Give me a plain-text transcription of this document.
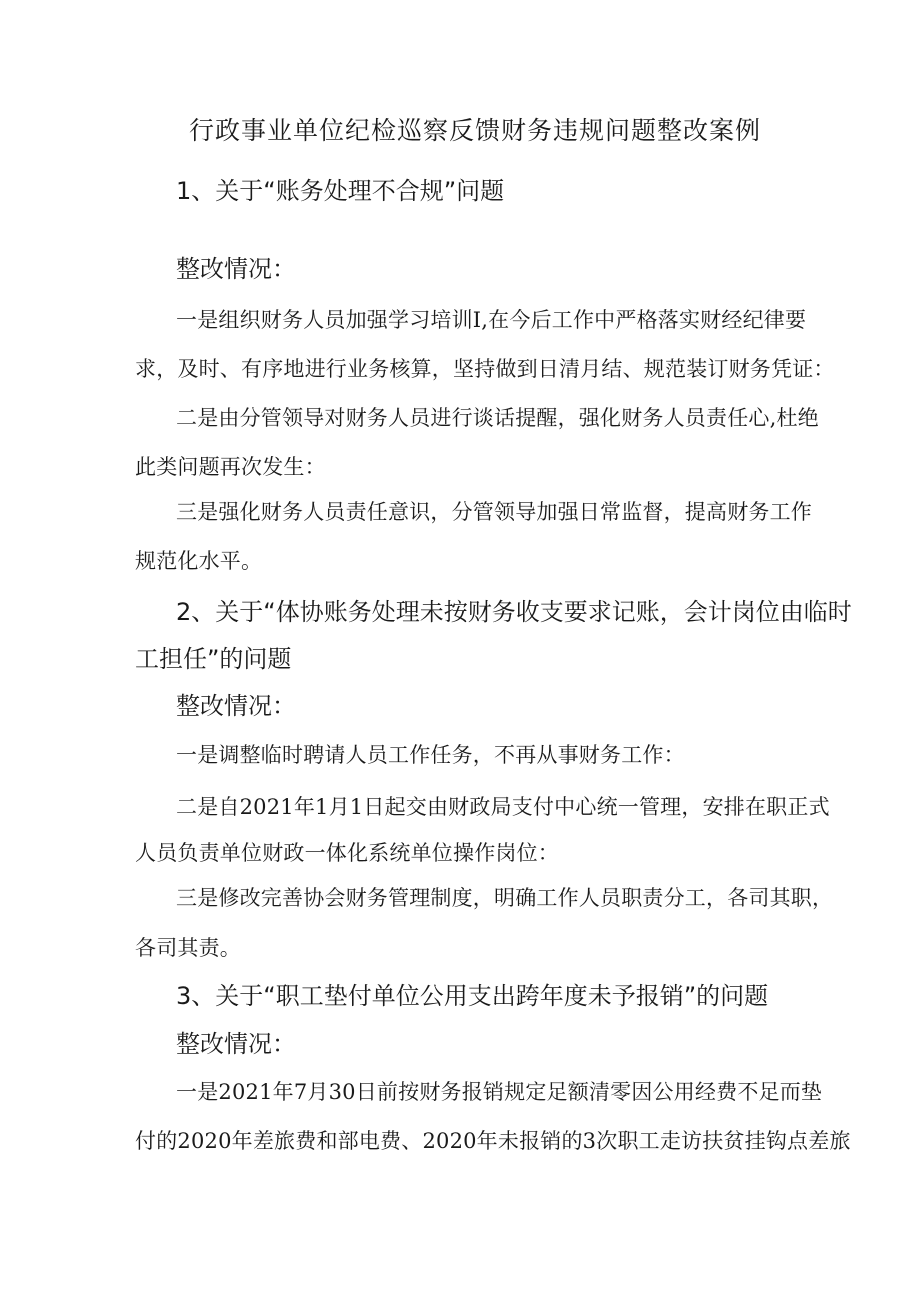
行政事业单位纪检巡察反馈财务违规问题整改案例
1、关于“账务处理不合规”问题
整改情况：
一是组织财务人员加强学习培训I,在今后工作中严格落实财经纪律要
求，及时、有序地进行业务核算，坚持做到日清月结、规范装订财务凭证：
二是由分管领导对财务人员进行谈话提醒，强化财务人员责任心,杜绝
此类问题再次发生：
三是强化财务人员责任意识，分管领导加强日常监督，提高财务工作
规范化水平。
2、关于“体协账务处理未按财务收支要求记账，会计岗位由临时
工担任”的问题
整改情况：
一是调整临时聘请人员工作任务，不再从事财务工作：
二是自2021年1月1日起交由财政局支付中心统一管理，安排在职正式
人员负责单位财政一体化系统单位操作岗位：
三是修改完善协会财务管理制度，明确工作人员职责分工，各司其职，
各司其责。
3、关于“职工垫付单位公用支出跨年度未予报销”的问题
整改情况：
一是2021年7月30日前按财务报销规定足额清零因公用经费不足而垫
付的2020年差旅费和部电费、2020年未报销的3次职工走访扶贫挂钩点差旅
